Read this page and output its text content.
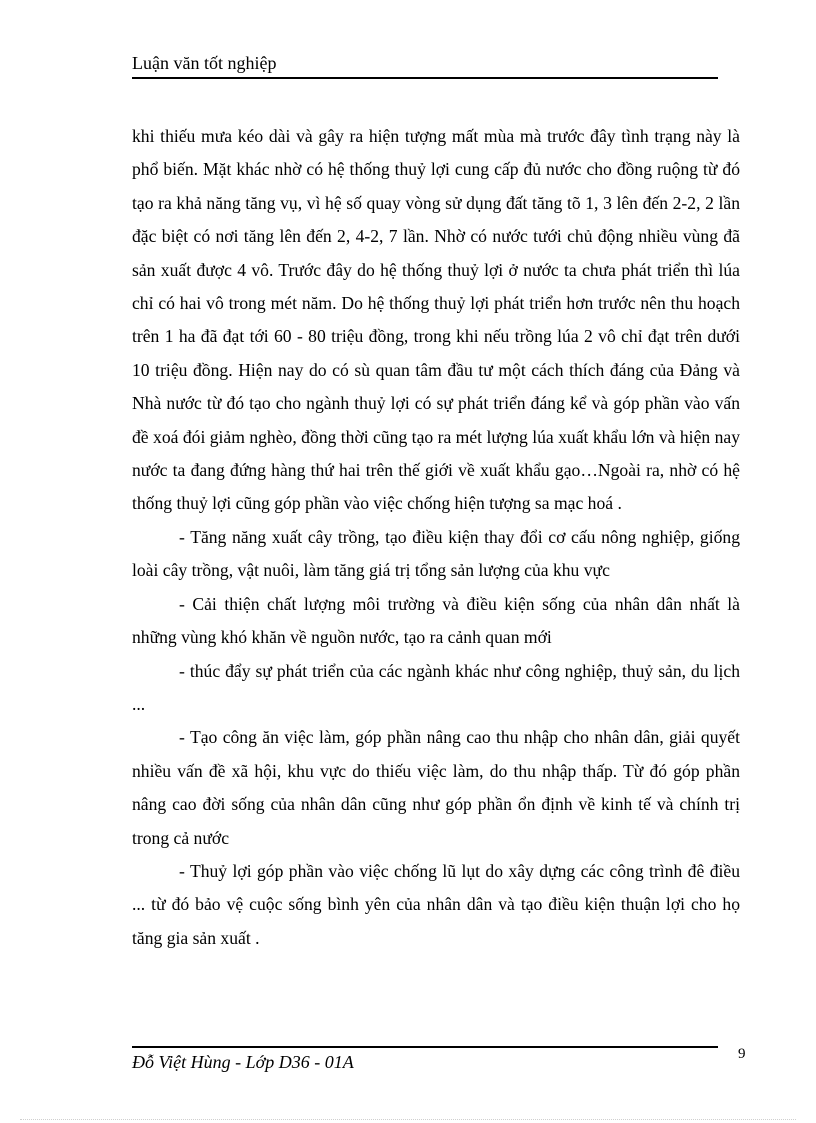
Luận văn tốt nghiệp

khi thiếu mưa kéo dài và gây ra hiện tượng mất mùa mà trước đây tình trạng này là phổ biến. Mặt khác nhờ có hệ thống thuỷ lợi cung cấp đủ nước cho đồng ruộng từ đó tạo ra khả năng tăng vụ, vì hệ số quay vòng sử dụng đất tăng tõ 1, 3 lên đến 2-2, 2 lần đặc biệt có nơi tăng lên đến 2, 4-2, 7 lần. Nhờ có nước tưới chủ động nhiều vùng đã sản xuất được 4 vô. Trước đây do hệ thống thuỷ lợi ở nước ta chưa phát triển thì lúa chỉ có hai vô trong mét năm. Do hệ thống thuỷ lợi phát triển hơn trước nên thu hoạch trên 1 ha đã đạt tới 60 - 80 triệu đồng, trong khi nếu trồng lúa 2 vô chỉ đạt trên dưới 10 triệu đồng. Hiện nay do có sù quan tâm đầu tư một cách thích đáng của Đảng và Nhà nước từ đó tạo cho ngành thuỷ lợi có sự phát triển đáng kể và góp phần vào vấn đề xoá đói giảm nghèo, đồng thời cũng tạo ra mét lượng lúa xuất khẩu lớn và hiện nay nước ta đang đứng hàng thứ hai trên thế giới về xuất khẩu gạo…Ngoài ra, nhờ có hệ thống thuỷ lợi cũng góp phần vào việc chống hiện tượng sa mạc hoá .

- Tăng năng xuất cây trồng, tạo điều kiện thay đổi cơ cấu nông nghiệp, giống loài cây trồng, vật nuôi, làm tăng giá trị tổng sản lượng của khu vực

- Cải thiện chất lượng môi trường và điều kiện sống của nhân dân nhất là những vùng khó khăn về nguồn nước, tạo ra cảnh quan mới

- thúc đẩy sự phát triển của các ngành khác như công nghiệp, thuỷ sản, du lịch ...

- Tạo công ăn việc làm, góp phần nâng cao thu nhập cho nhân dân, giải quyết nhiều vấn đề xã hội, khu vực do thiếu việc làm, do thu nhập thấp. Từ đó góp phần nâng cao đời sống của nhân dân cũng như góp phần ổn định về kinh tế và chính trị trong cả nước

- Thuỷ lợi góp phần vào việc chống lũ lụt do xây dựng các công trình đê điều ... từ đó bảo vệ cuộc sống bình yên của nhân dân và tạo điều kiện thuận lợi cho họ tăng gia sản xuất .

Đỗ Việt Hùng - Lớp D36 - 01A	9
